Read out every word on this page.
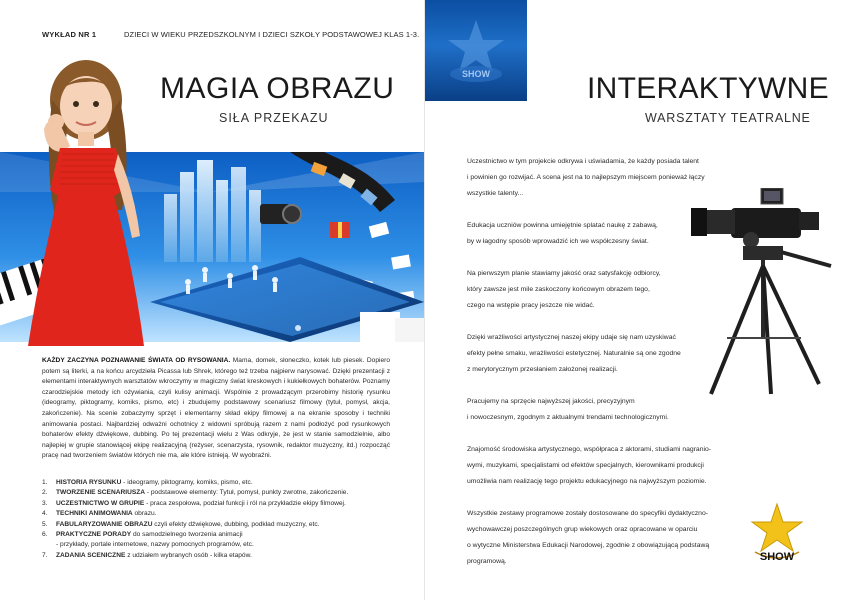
WYKŁAD NR 1	DZIECI W WIEKU PRZEDSZKOLNYM I DZIECI SZKOŁY PODSTAWOWEJ KLAS 1-3.
MAGIA OBRAZU
SIŁA PRZEKAZU
KAŻDY ZACZYNA POZNAWANIE ŚWIATA OD RYSOWANIA. Mama, domek, słoneczko, kotek lub piesek. Dopiero potem są literki, a na końcu arcydzieła Picassa lub Shrek, którego też trzeba najpierw narysować. Dzięki prezentacji z elementami interaktywnych warsztatów wkroczymy w magiczny świat kreskowych i kukiełkowych bohaterów. Poznamy czarodziejskie metody ich ożywiania, czyli kulisy animacji. Wspólnie z prowadzącym przerobimy historię rysunku (ideogramy, piktogramy, komiks, pismo, etc) i zbudujemy podstawowy scenariusz filmowy (tytuł, pomysł, akcja, zakończenie). Na scenie zobaczymy sprzęt i elementarny skład ekipy filmowej a na ekranie sposoby i techniki animowania postaci. Najbardziej odważni ochotnicy z widowni spróbują razem z nami podłożyć pod rysunkowych bohaterów efekty dźwiękowe, dubbing. Po tej prezentacji wielu z Was odkryje, że jest w stanie samodzielnie, albo najlepiej w grupie stanowiącej ekipę realizacyjną (reżyser, scenarzysta, rysownik, redaktor muzyczny, itd.) rozpocząć pracę nad tworzeniem światów których nie ma, ale które istnieją. W wyobraźni.
1.	HISTORIA RYSUNKU - ideogramy, piktogramy, komiks, pismo, etc.
2.	TWORZENIE SCENARIUSZA - podstawowe elementy: Tytuł, pomysł, punkty zwrotne, zakończenie.
3.	UCZESTNICTWO W GRUPIE - praca zespołowa, podział funkcji i ról na przykładzie ekipy filmowej.
4.	TECHNIKI ANIMOWANIA obrazu.
5.	FABULARYZOWANIE OBRAZU czyli efekty dźwiękowe, dubbing, podkład muzyczny, etc.
6.	PRAKTYCZNE PORADY do samodzielnego tworzenia animacji
- przykłady, portale internetowe, nazwy pomocnych programów, etc.
7.	ZADANIA SCENICZNE z udziałem wybranych osób - kilka etapów.
SHOW	INTERAKTYWNE
WARSZTATY TEATRALNE

Uczestnictwo w tym projekcie odkrywa i uświadamia, że każdy posiada talent
i powinien go rozwijać. A scena jest na to najlepszym miejscem ponieważ łączy
wszystkie talenty...

Edukacja uczniów powinna umiejętnie splatać naukę z zabawą,
by w łagodny sposób wprowadzić ich we współczesny świat.

Na pierwszym planie stawiamy jakość oraz satysfakcję odbiorcy,
który zawsze jest mile zaskoczony końcowym obrazem tego,
czego na wstępie pracy jeszcze nie widać.

Dzięki wrażliwości artystycznej naszej ekipy udaje się nam uzyskiwać
efekty pełne smaku, wrażliwości estetycznej. Naturalnie są one zgodne
z merytorycznym przesłaniem założonej realizacji.

Pracujemy na sprzęcie najwyższej jakości, precyzyjnym
i nowoczesnym, zgodnym z aktualnymi trendami technologicznymi.

Znajomość środowiska artystycznego, współpraca z aktorami, studiami nagranio-
wymi, muzykami, specjalistami od efektów specjalnych, kierownikami produkcji
umożliwia nam realizację tego projektu edukacyjnego na najwyższym poziomie.

Wszystkie zestawy programowe zostały dostosowane do specyfiki dydaktyczno-
wychowawczej poszczególnych grup wiekowych oraz opracowane w oparciu
o wytyczne Ministerstwa Edukacji Narodowej, zgodnie z obowiązującą podstawą
programową.	SHOW
